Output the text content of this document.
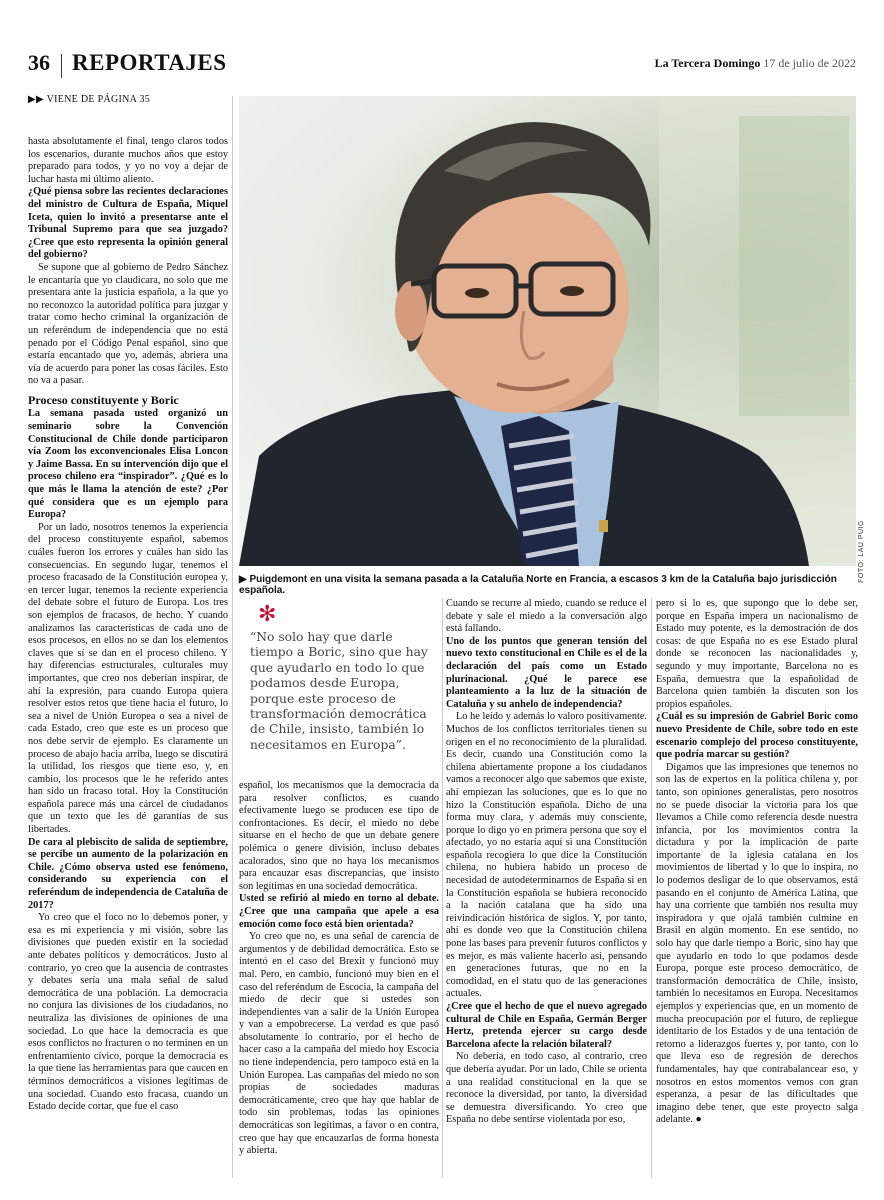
36 REPORTAJES	La Tercera Domingo 17 de julio de 2022
▶▶ VIENE DE PÁGINA 35

hasta absolutamente el final, tengo claros todos los escenarios, durante muchos años que estoy preparado para todos, y yo no voy a dejar de luchar hasta mi último aliento.

¿Qué piensa sobre las recientes declaraciones del ministro de Cultura de España, Miquel Iceta, quien lo invitó a presentarse ante el Tribunal Supremo para que sea juzgado? ¿Cree que esto representa la opinión general del gobierno?

Se supone que al gobierno de Pedro Sánchez le encantaría que yo claudicara, no solo que me presentara ante la justicia española, a la que yo no reconozco la autoridad política para juzgar y tratar como hecho criminal la organización de un referéndum de independencia que no está penado por el Código Penal español, sino que estaría encantado que yo, además, abriera una vía de acuerdo para poner las cosas fáciles. Esto no va a pasar.

Proceso constituyente y Boric

La semana pasada usted organizó un seminario sobre la Convención Constitucional de Chile donde participaron vía Zoom los exconvencionales Elisa Loncon y Jaime Bassa. En su intervención dijo que el proceso chileno era “inspirador”. ¿Qué es lo que más le llama la atención de este? ¿Por qué considera que es un ejemplo para Europa?

Por un lado, nosotros tenemos la experiencia del proceso constituyente español, sabemos cuáles fueron los errores y cuáles han sido las consecuencias. En segundo lugar, tenemos el proceso fracasado de la Constitución europea y, en tercer lugar, tenemos la reciente experiencia del debate sobre el futuro de Europa. Los tres son ejemplos de fracasos, de hecho. Y cuando analizamos las características de cada uno de esos procesos, en ellos no se dan los elementos claves que sí se dan en el proceso chileno. Y hay diferencias estructurales, culturales muy importantes, que creo nos deberían inspirar, de ahí la expresión, para cuando Europa quiera resolver estos retos que tiene hacia el futuro, lo sea a nivel de Unión Europea o sea a nivel de cada Estado, creo que este es un proceso que nos debe servir de ejemplo. Es claramente un proceso de abajo hacia arriba, luego se discutirá la utilidad, los riesgos que tiene eso, y, en cambio, los procesos que le he referido antes han sido un fracaso total. Hoy la Constitución española parece más una cárcel de ciudadanos que un texto que les dé garantías de sus libertades.

De cara al plebiscito de salida de septiembre, se percibe un aumento de la polarización en Chile. ¿Cómo observa usted ese fenómeno, considerando su experiencia con el referéndum de independencia de Cataluña de 2017?

Yo creo que el foco no lo debemos poner, y esa es mi experiencia y mi visión, sobre las divisiones que pueden existir en la sociedad ante debates políticos y democráticos. Justo al contrario, yo creo que la ausencia de contrastes y debates sería una mala señal de salud democrática de una población. La democracia no conjura las divisiones de los ciudadanos, no neutraliza las divisiones de opiniones de una sociedad. Lo que hace la democracia es que esos conflictos no fracturen o no terminen en un enfrentamiento cívico, porque la democracia es la que tiene las herramientas para que caucen en términos democráticos a visiones legítimas de una sociedad. Cuando esto fracasa, cuando un Estado decide cortar, que fue el caso

FOTO: LAU PUIG
▶ Puigdemont en una visita la semana pasada a la Cataluña Norte en Francia, a escasos 3 km de la Cataluña bajo jurisdicción española.
✻
“No solo hay que darle tiempo a Boric, sino que hay que ayudarlo en todo lo que podamos desde Europa, porque este proceso de transformación democrática de Chile, insisto, también lo necesitamos en Europa”.

español, los mecanismos que la democracia da para resolver conflictos, es cuando efectivamente luego se producen ese tipo de confrontaciones. Es decir, el miedo no debe situarse en el hecho de que un debate genere polémica o genere división, incluso debates acalorados, sino que no haya los mecanismos para encauzar esas discrepancias, que insisto son legítimas en una sociedad democrática.

Usted se refirió al miedo en torno al debate. ¿Cree que una campaña que apele a esa emoción como foco está bien orientada?

Yo creo que no, es una señal de carencia de argumentos y de debilidad democrática. Esto se intentó en el caso del Brexit y funcionó muy mal. Pero, en cambio, funcionó muy bien en el caso del referéndum de Escocia, la campaña del miedo de decir que si ustedes son independientes van a salir de la Unión Europea y van a empobrecerse. La verdad es que pasó absolutamente lo contrario, por el hecho de hacer caso a la campaña del miedo hoy Escocia no tiene independencia, pero tampoco está en la Unión Europea. Las campañas del miedo no son propias de sociedades maduras democráticamente, creo que hay que hablar de todo sin problemas, todas las opiniones democráticas son legítimas, a favor o en contra, creo que hay que encauzarlas de forma honesta y abierta.

Cuando se recurre al miedo, cuando se reduce el debate y sale el miedo a la conversación algo está fallando.

Uno de los puntos que generan tensión del nuevo texto constitucional en Chile es el de la declaración del país como un Estado plurinacional. ¿Qué le parece ese planteamiento a la luz de la situación de Cataluña y su anhelo de independencia?

Lo he leído y además lo valoro positivamente. Muchos de los conflictos territoriales tienen su origen en el no reconocimiento de la pluralidad. Es decir, cuando una Constitución como la chilena abiertamente propone a los ciudadanos vamos a reconocer algo que sabemos que existe, ahí empiezan las soluciones, que es lo que no hizo la Constitución española. Dicho de una forma muy clara, y además muy consciente, porque lo digo yo en primera persona que soy el afectado, yo no estaría aquí si una Constitución española recogiera lo que dice la Constitución chilena, no hubiera habido un proceso de necesidad de autodeterminarnos de España si en la Constitución española se hubiera reconocido a la nación catalana que ha sido una reivindicación histórica de siglos. Y, por tanto, ahí es donde veo que la Constitución chilena pone las bases para prevenir futuros conflictos y es mejor, es más valiente hacerlo así, pensando en generaciones futuras, que no en la comodidad, en el statu quo de las generaciones actuales.

¿Cree que el hecho de que el nuevo agregado cultural de Chile en España, Germán Berger Hertz, pretenda ejercer su cargo desde Barcelona afecte la relación bilateral?

No debería, en todo caso, al contrario, creo que debería ayudar. Por un lado, Chile se orienta a una realidad constitucional en la que se reconoce la diversidad, por tanto, la diversidad se demuestra diversificando. Yo creo que España no debe sentirse violentada por eso,

pero si lo es, que supongo que lo debe ser, porque en España impera un nacionalismo de Estado muy potente, es la demostración de dos cosas: de que España no es ese Estado plural donde se reconocen las nacionalidades y, segundo y muy importante, Barcelona no es España, demuestra que la españolidad de Barcelona quien también la discuten son los propios españoles.

¿Cuál es su impresión de Gabriel Boric como nuevo Presidente de Chile, sobre todo en este escenario complejo del proceso constituyente, que podría marcar su gestión?

Digamos que las impresiones que tenemos no son las de expertos en la política chilena y, por tanto, son opiniones generalistas, pero nosotros no se puede disociar la victoria para los que llevamos a Chile como referencia desde nuestra infancia, por los movimientos contra la dictadura y por la implicación de parte importante de la iglesia catalana en los movimientos de libertad y lo que lo inspira, no lo podemos desligar de lo que observamos, está pasando en el conjunto de América Latina, que hay una corriente que también nos resulta muy inspiradora y que ojalá también culmine en Brasil en algún momento. En ese sentido, no solo hay que darle tiempo a Boric, sino hay que que ayudarlo en todo lo que podamos desde Europa, porque este proceso democrático, de transformación democrática de Chile, insisto, también lo necesitamos en Europa. Necesitamos ejemplos y experiencias que, en un momento de mucha preocupación por el futuro, de repliegue identitario de los Estados y de una tentación de retorno a liderazgos fuertes y, por tanto, con lo que lleva eso de regresión de derechos fundamentales, hay que contrabalancear eso, y nosotros en estos momentos vemos con gran esperanza, a pesar de las dificultades que imagino debe tener, que este proyecto salga adelante. ●
